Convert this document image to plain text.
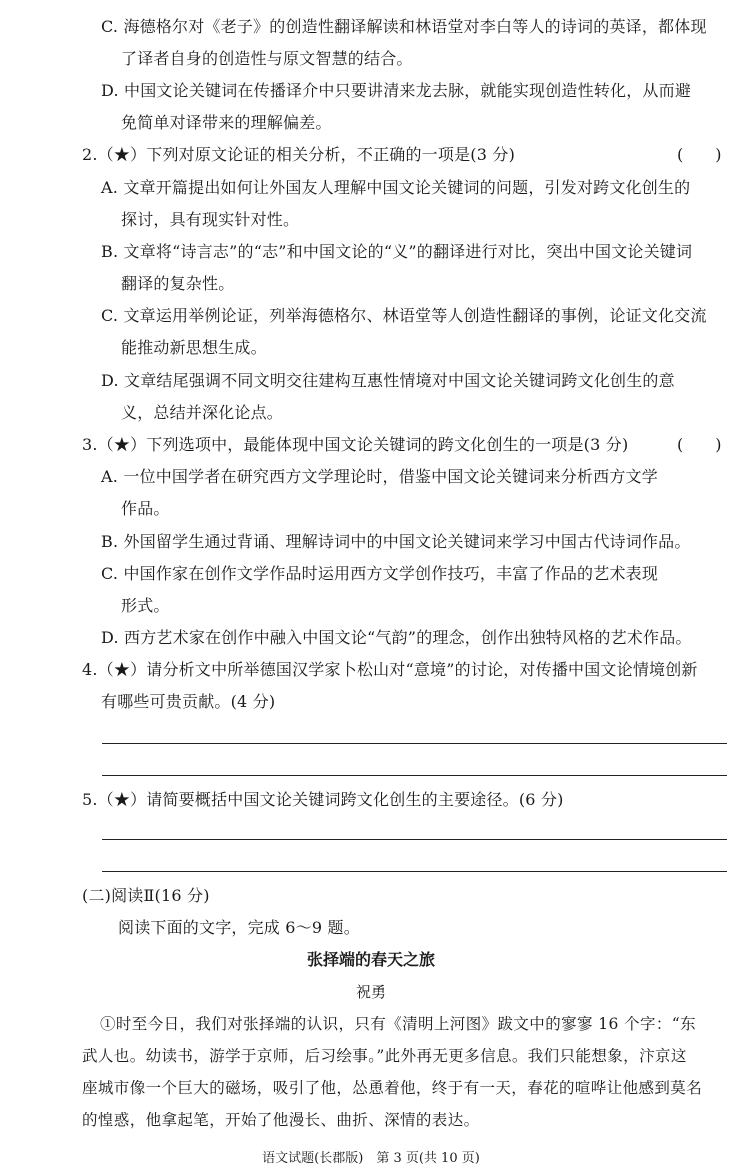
C. 海德格尔对《老子》的创造性翻译解读和林语堂对李白等人的诗词的英译，都体现
了译者自身的创造性与原文智慧的结合。
D. 中国文论关键词在传播译介中只要讲清来龙去脉，就能实现创造性转化，从而避
免简单对译带来的理解偏差。
2.（★）下列对原文论证的相关分析，不正确的一项是(3 分)	(　　)
A. 文章开篇提出如何让外国友人理解中国文论关键词的问题，引发对跨文化创生的
探讨，具有现实针对性。
B. 文章将“诗言志”的“志”和中国文论的“义”的翻译进行对比，突出中国文论关键词
翻译的复杂性。
C. 文章运用举例论证，列举海德格尔、林语堂等人创造性翻译的事例，论证文化交流
能推动新思想生成。
D. 文章结尾强调不同文明交往建构互惠性情境对中国文论关键词跨文化创生的意
义，总结并深化论点。
3.（★）下列选项中，最能体现中国文论关键词的跨文化创生的一项是(3 分)	(　　)
A. 一位中国学者在研究西方文学理论时，借鉴中国文论关键词来分析西方文学
作品。
B. 外国留学生通过背诵、理解诗词中的中国文论关键词来学习中国古代诗词作品。
C. 中国作家在创作文学作品时运用西方文学创作技巧，丰富了作品的艺术表现
形式。
D. 西方艺术家在创作中融入中国文论“气韵”的理念，创作出独特风格的艺术作品。
4.（★）请分析文中所举德国汉学家卜松山对“意境”的讨论，对传播中国文论情境创新
有哪些可贵贡献。(4 分)
5.（★）请简要概括中国文论关键词跨文化创生的主要途径。(6 分)
(二)阅读Ⅱ(16 分)
阅读下面的文字，完成 6～9 题。
张择端的春天之旅
祝勇
①时至今日，我们对张择端的认识，只有《清明上河图》跋文中的寥寥 16 个字：“东
武人也。幼读书，游学于京师，后习绘事。”此外再无更多信息。我们只能想象，汴京这
座城市像一个巨大的磁场，吸引了他，怂恿着他，终于有一天，春花的喧哗让他感到莫名
的惶惑，他拿起笔，开始了他漫长、曲折、深情的表达。
语文试题(长郡版)　第 3 页(共 10 页)
